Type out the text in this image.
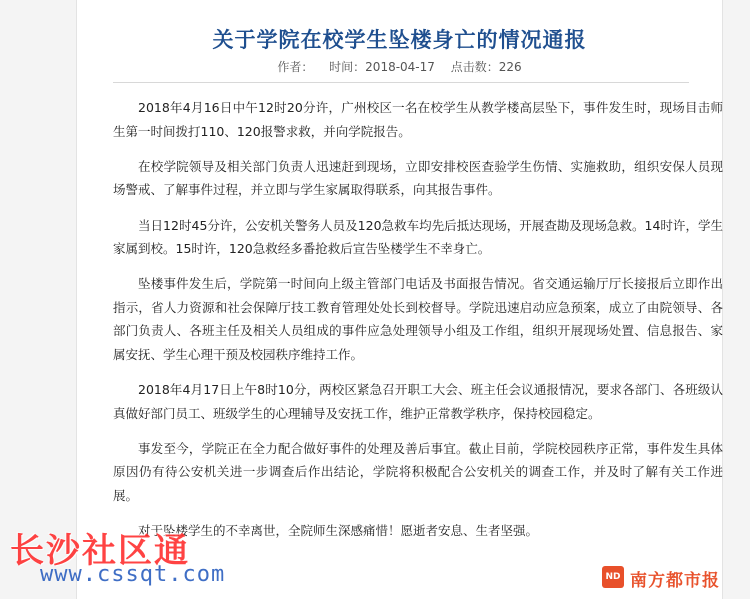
关于学院在校学生坠楼身亡的情况通报
作者： 时间：2018-04-17 点击数：226

2018年4月16日中午12时20分许，广州校区一名在校学生从教学楼高层坠下，事件发生时，现场目击师生第一时间拨打110、120报警求救，并向学院报告。

在校学院领导及相关部门负责人迅速赶到现场，立即安排校医查验学生伤情、实施救助，组织安保人员现场警戒、了解事件过程，并立即与学生家属取得联系，向其报告事件。

当日12时45分许，公安机关警务人员及120急救车均先后抵达现场，开展查勘及现场急救。14时许，学生家属到校。15时许，120急救经多番抢救后宣告坠楼学生不幸身亡。

坠楼事件发生后，学院第一时间向上级主管部门电话及书面报告情况。省交通运输厅厅长接报后立即作出指示，省人力资源和社会保障厅技工教育管理处处长到校督导。学院迅速启动应急预案，成立了由院领导、各部门负责人、各班主任及相关人员组成的事件应急处理领导小组及工作组，组织开展现场处置、信息报告、家属安抚、学生心理干预及校园秩序维持工作。

2018年4月17日上午8时10分，两校区紧急召开职工大会、班主任会议通报情况，要求各部门、各班级认真做好部门员工、班级学生的心理辅导及安抚工作，维护正常教学秩序，保持校园稳定。

事发至今，学院正在全力配合做好事件的处理及善后事宜。截止目前，学院校园秩序正常，事件发生具体原因仍有待公安机关进一步调查后作出结论，学院将积极配合公安机关的调查工作，并及时了解有关工作进展。

对于坠楼学生的不幸离世，全院师生深感痛惜！愿逝者安息、生者坚强。

长沙社区通
www.cssqt.com	ND 南方都市报
